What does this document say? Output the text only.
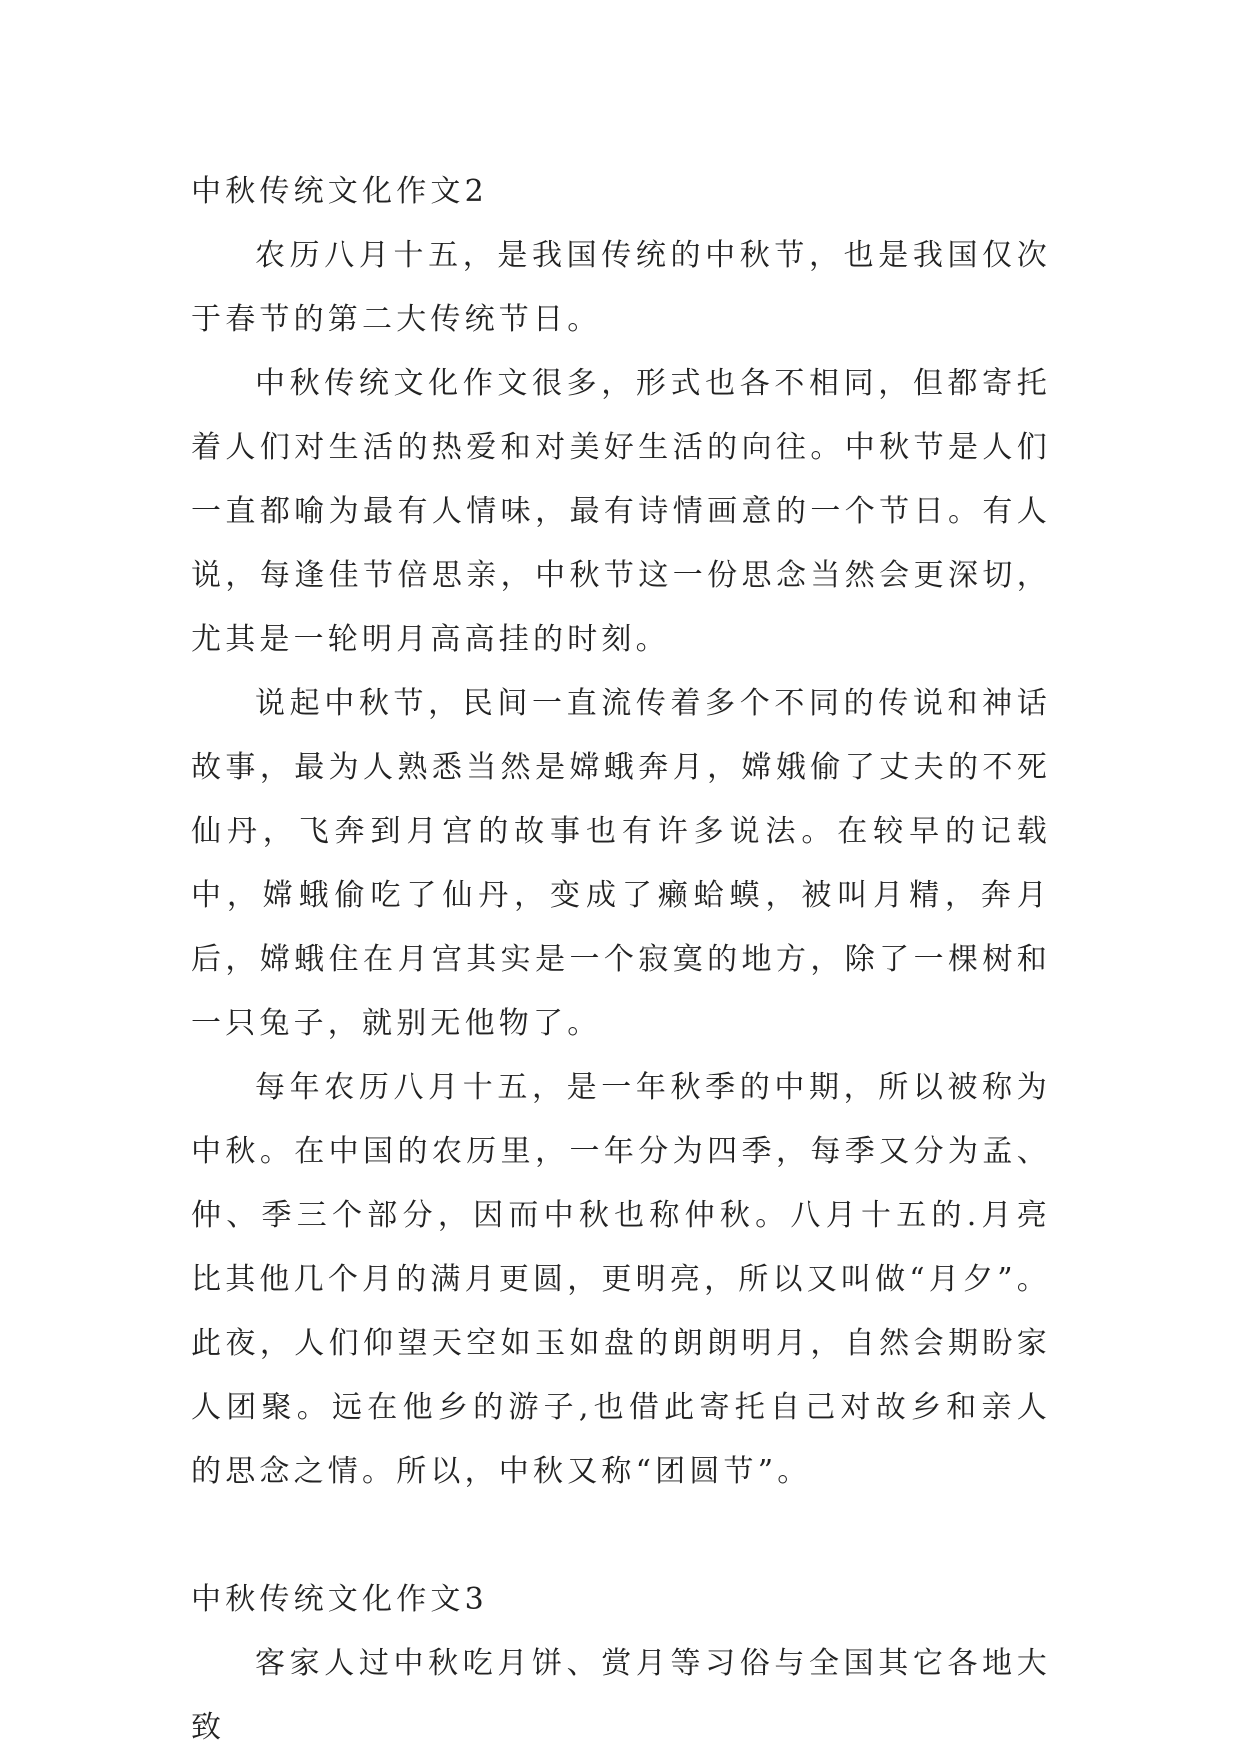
中秋传统文化作文2

农历八月十五，是我国传统的中秋节，也是我国仅次于春节的第二大传统节日。

中秋传统文化作文很多，形式也各不相同，但都寄托着人们对生活的热爱和对美好生活的向往。中秋节是人们一直都喻为最有人情味，最有诗情画意的一个节日。有人说，每逢佳节倍思亲，中秋节这一份思念当然会更深切，尤其是一轮明月高高挂的时刻。

说起中秋节，民间一直流传着多个不同的传说和神话故事，最为人熟悉当然是嫦蛾奔月，嫦娥偷了丈夫的不死仙丹，飞奔到月宫的故事也有许多说法。在较早的记载中，嫦蛾偷吃了仙丹，变成了癞蛤蟆，被叫月精，奔月后，嫦蛾住在月宫其实是一个寂寞的地方，除了一棵树和一只兔子，就别无他物了。

每年农历八月十五，是一年秋季的中期，所以被称为中秋。在中国的农历里，一年分为四季，每季又分为孟、仲、季三个部分，因而中秋也称仲秋。八月十五的.月亮比其他几个月的满月更圆，更明亮，所以又叫做“月夕”。此夜，人们仰望天空如玉如盘的朗朗明月，自然会期盼家人团聚。远在他乡的游子,也借此寄托自己对故乡和亲人的思念之情。所以，中秋又称“团圆节”。

中秋传统文化作文3

客家人过中秋吃月饼、赏月等习俗与全国其它各地大致
